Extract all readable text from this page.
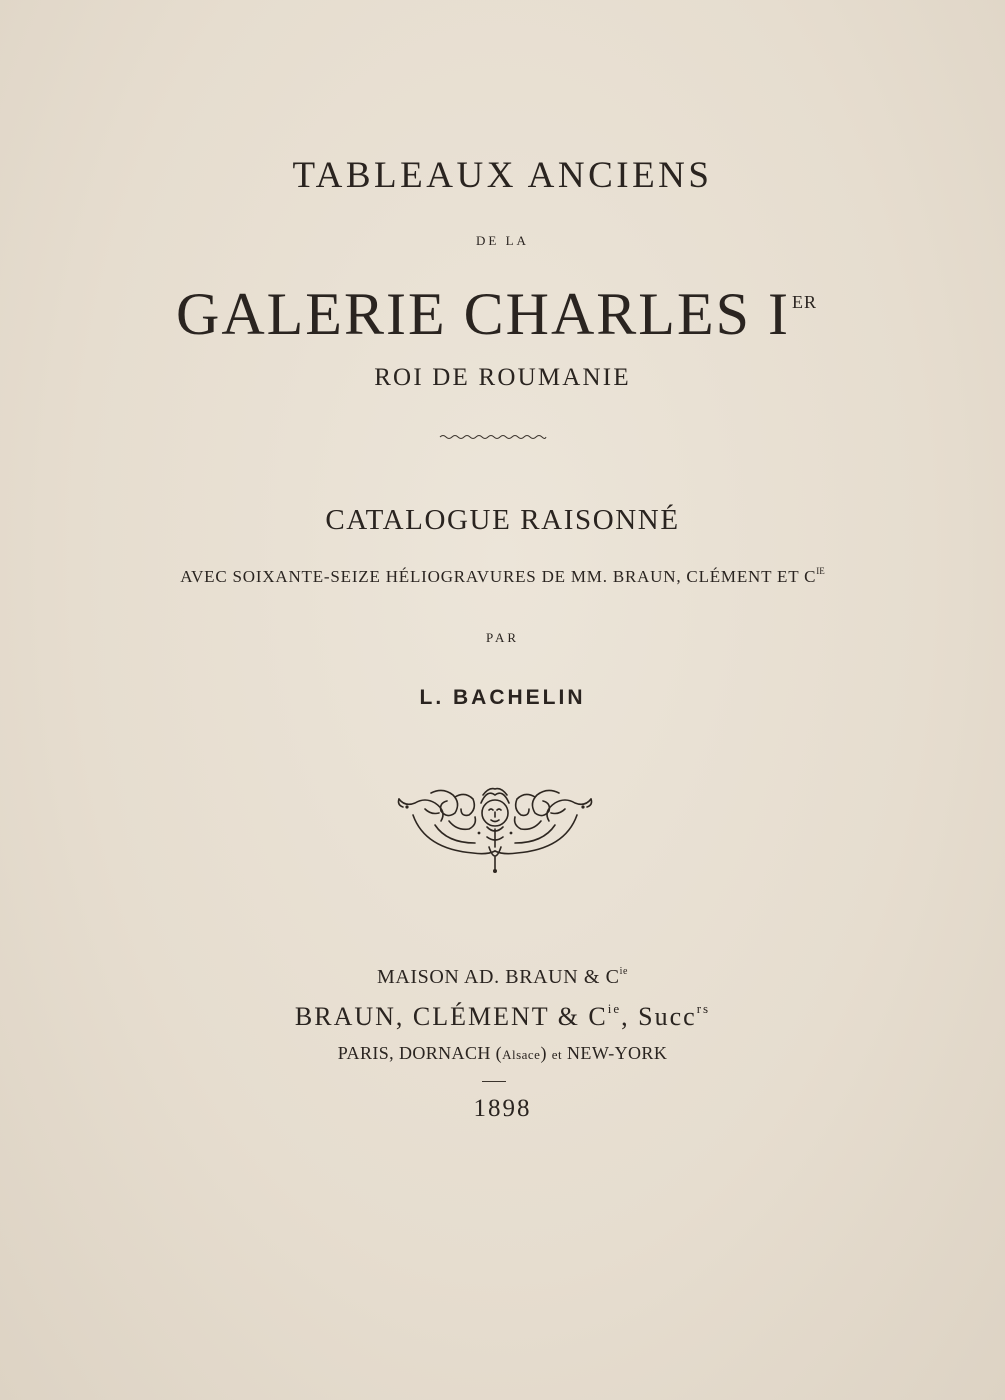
TABLEAUX ANCIENS
DE LA
GALERIE CHARLES I $^{ER}$
ROI DE ROUMANIE
CATALOGUE RAISONNÉ
AVEC SOIXANTE-SEIZE HÉLIOGRAVURES DE MM. BRAUN, CLÉMENT ET $C^{IE}$
PAR
L. BACHELIN
MAISON AD. BRAUN & $C^{ie}$
BRAUN, CLÉMENT & $C^{ie}$, Succ$^{rs}$
PARIS, DORNACH (Alsace) et NEW-YORK
1898
